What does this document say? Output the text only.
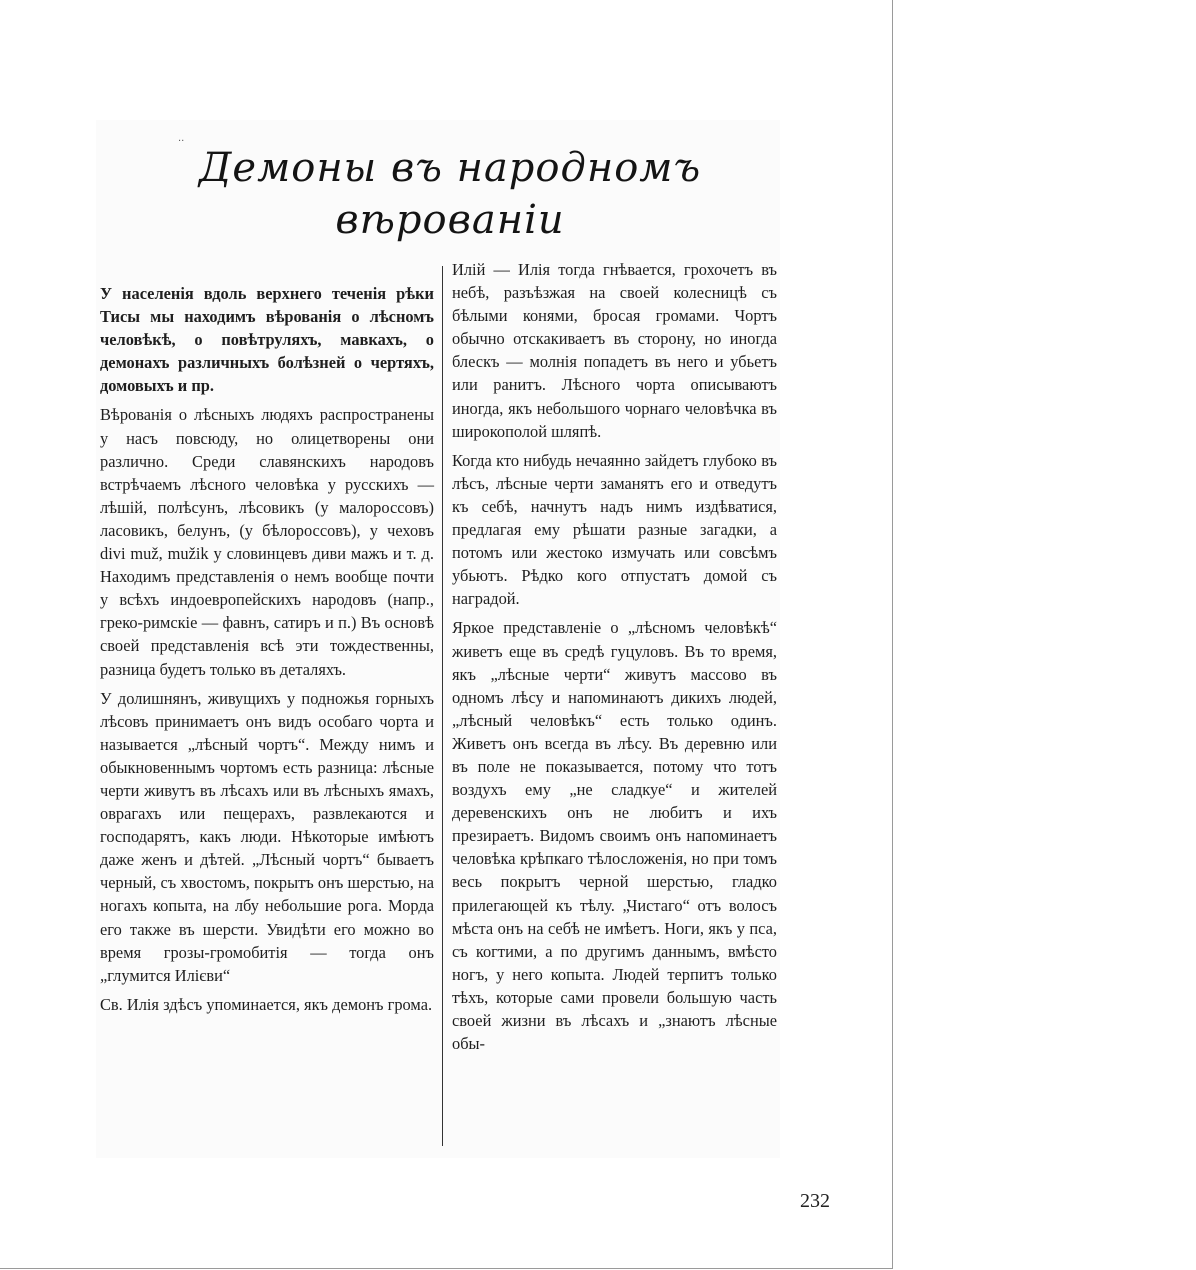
··
Демоны въ народномъ вѣрованіи

У населенія вдоль верхнего теченія рѣки Тисы мы находимъ вѣрованія о лѣсномъ человѣкѣ, о повѣтруляхъ, мавкахъ, о демонахъ различныхъ болѣзней о чертяхъ, домовыхъ и пр.

Вѣрованія о лѣсныхъ людяхъ распространены у насъ повсюду, но олицетворены они различно. Среди славянскихъ народовъ встрѣчаемъ лѣсного человѣка у русскихъ — лѣшій, полѣсунъ, лѣсовикъ (у малороссовъ) ласовикъ, белунъ, (у бѣлороссовъ), у чеховъ divi muž, mužik у словинцевъ диви мажъ и т. д. Находимъ представленія о немъ вообще почти у всѣхъ индоевропейскихъ народовъ (напр., греко-римскіе — фавнъ, сатиръ и п.) Въ основѣ своей представленія всѣ эти тождественны, разница будетъ только въ деталяхъ.

У долишнянъ, живущихъ у подножья горныхъ лѣсовъ принимаетъ онъ видъ особаго чорта и называется „лѣсный чортъ“. Между нимъ и обыкновеннымъ чортомъ есть разница: лѣсные черти живутъ въ лѣсахъ или въ лѣсныхъ ямахъ, оврагахъ или пещерахъ, развлекаются и господарятъ, какъ люди. Нѣкоторые имѣютъ даже женъ и дѣтей. „Лѣсный чортъ“ бываетъ черный, съ хвостомъ, покрытъ онъ шерстью, на ногахъ копыта, на лбу небольшие рога. Морда его также въ шерсти. Увидѣти его можно во время грозы-громобитія — тогда онъ „глумится Илієви“

Св. Илія здѣсъ упоминается, якъ демонъ грома.

Илій — Илія тогда гнѣвается, грохочетъ въ небѣ, разъѣзжая на своей колесницѣ съ бѣлыми конями, бросая громами. Чортъ обычно отскакиваетъ въ сторону, но иногда блескъ — молнія попадетъ въ него и убьетъ или ранитъ. Лѣсного чорта описываютъ иногда, якъ небольшого чорнаго человѣчка въ широкополой шляпѣ.

Когда кто нибудь нечаянно зайдетъ глубоко въ лѣсъ, лѣсные черти заманятъ его и отведутъ къ себѣ, начнутъ надъ нимъ издѣватися, предлагая ему рѣшати разные загадки, а потомъ или жестоко измучать или совсѣмъ убьютъ. Рѣдко кого отпустатъ домой съ наградой.

Яркое представленіе о „лѣсномъ человѣкѣ“ живетъ еще въ средѣ гуцуловъ. Въ то время, якъ „лѣсные черти“ живутъ массово въ одномъ лѣсу и напоминаютъ дикихъ людей, „лѣсный человѣкъ“ есть только одинъ. Живетъ онъ всегда въ лѣсу. Въ деревню или въ поле не показывается, потому что тотъ воздухъ ему „не сладкуе“ и жителей деревенскихъ онъ не любитъ и ихъ презираетъ. Видомъ своимъ онъ напоминаетъ человѣка крѣпкаго тѣлосложенія, но при томъ весь покрытъ черной шерстью, гладко прилегающей къ тѣлу. „Чистаго“ отъ волосъ мѣста онъ на себѣ не имѣетъ. Ноги, якъ у пса, съ когтими, а по другимъ даннымъ, вмѣсто ногъ, у него копыта. Людей терпитъ только тѣхъ, которые сами провели большую часть своей жизни въ лѣсахъ и „знаютъ лѣсные обы-

232
